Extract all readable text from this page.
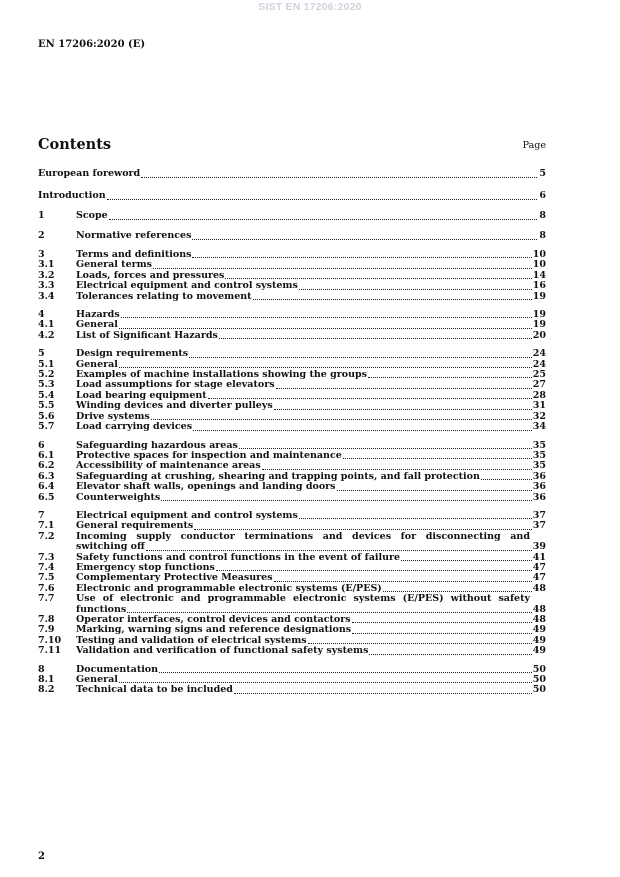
SIST EN 17206:2020
EN 17206:2020 (E)
Contents	Page
European foreword	5
Introduction	6
1	Scope	8
2	Normative references	8
3	Terms and definitions	10
3.1	General terms	10
3.2	Loads, forces and pressures	14
3.3	Electrical equipment and control systems	16
3.4	Tolerances relating to movement	19
4	Hazards	19
4.1	General	19
4.2	List of Significant Hazards	20
5	Design requirements	24
5.1	General	24
5.2	Examples of machine installations showing the groups	25
5.3	Load assumptions for stage elevators	27
5.4	Load bearing equipment	28
5.5	Winding devices and diverter pulleys	31
5.6	Drive systems	32
5.7	Load carrying devices	34
6	Safeguarding hazardous areas	35
6.1	Protective spaces for inspection and maintenance	35
6.2	Accessibility of maintenance areas	35
6.3	Safeguarding at crushing, shearing and trapping points, and fall protection	36
6.4	Elevator shaft walls, openings and landing doors	36
6.5	Counterweights	36
7	Electrical equipment and control systems	37
7.1	General requirements	37
7.2	Incoming supply conductor terminations and devices for disconnecting and
switching off	39
7.3	Safety functions and control functions in the event of failure	41
7.4	Emergency stop functions	47
7.5	Complementary Protective Measures	47
7.6	Electronic and programmable electronic systems (E/PES)	48
7.7	Use of electronic and programmable electronic systems (E/PES) without safety
functions	48
7.8	Operator interfaces, control devices and contactors	48
7.9	Marking, warning signs and reference designations	49
7.10	Testing and validation of electrical systems	49
7.11	Validation and verification of functional safety systems	49
8	Documentation	50
8.1	General	50
8.2	Technical data to be included	50
2
